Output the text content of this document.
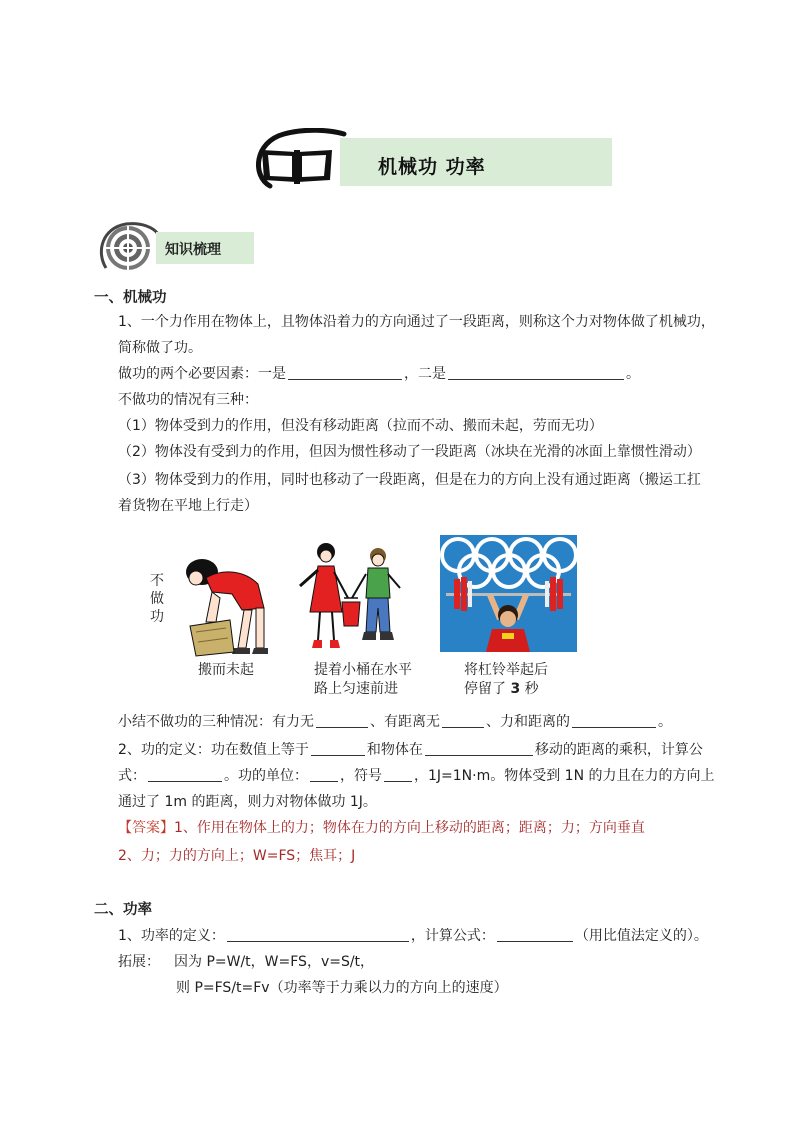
机械功 功率
知识梳理
一、机械功
1、一个力作用在物体上，且物体沿着力的方向通过了一段距离，则称这个力对物体做了机械功，
简称做了功。
做功的两个必要因素：一是	，二是	。
不做功的情况有三种：
（1）物体受到力的作用，但没有移动距离（拉而不动、搬而未起，劳而无功）
（2）物体没有受到力的作用，但因为惯性移动了一段距离（冰块在光滑的冰面上靠惯性滑动）
（3）物体受到力的作用，同时也移动了一段距离，但是在力的方向上没有通过距离（搬运工扛
着货物在平地上行走）
不做功
搬而未起	提着小桶在水平
路上匀速前进
将杠铃举起后
停留了 3 秒
小结不做功的三种情况：有力无	、有距离无	、力和距离的	。
2、功的定义：功在数值上等于	和物体在	移动的距离的乘积，计算公
式：	。功的单位： ，符号 ，1J=1N·m。物体受到 1N 的力且在力的方向上
通过了 1m 的距离，则力对物体做功 1J。
【答案】1、作用在物体上的力；物体在力的方向上移动的距离；距离；力；方向垂直
2、力；力的方向上；W=FS；焦耳；J
二、功率
1、功率的定义：	，计算公式：	（用比值法定义的）。
拓展： 因为 P=W/t，W=FS，v=S/t，
则 P=FS/t=Fv（功率等于力乘以力的方向上的速度）
